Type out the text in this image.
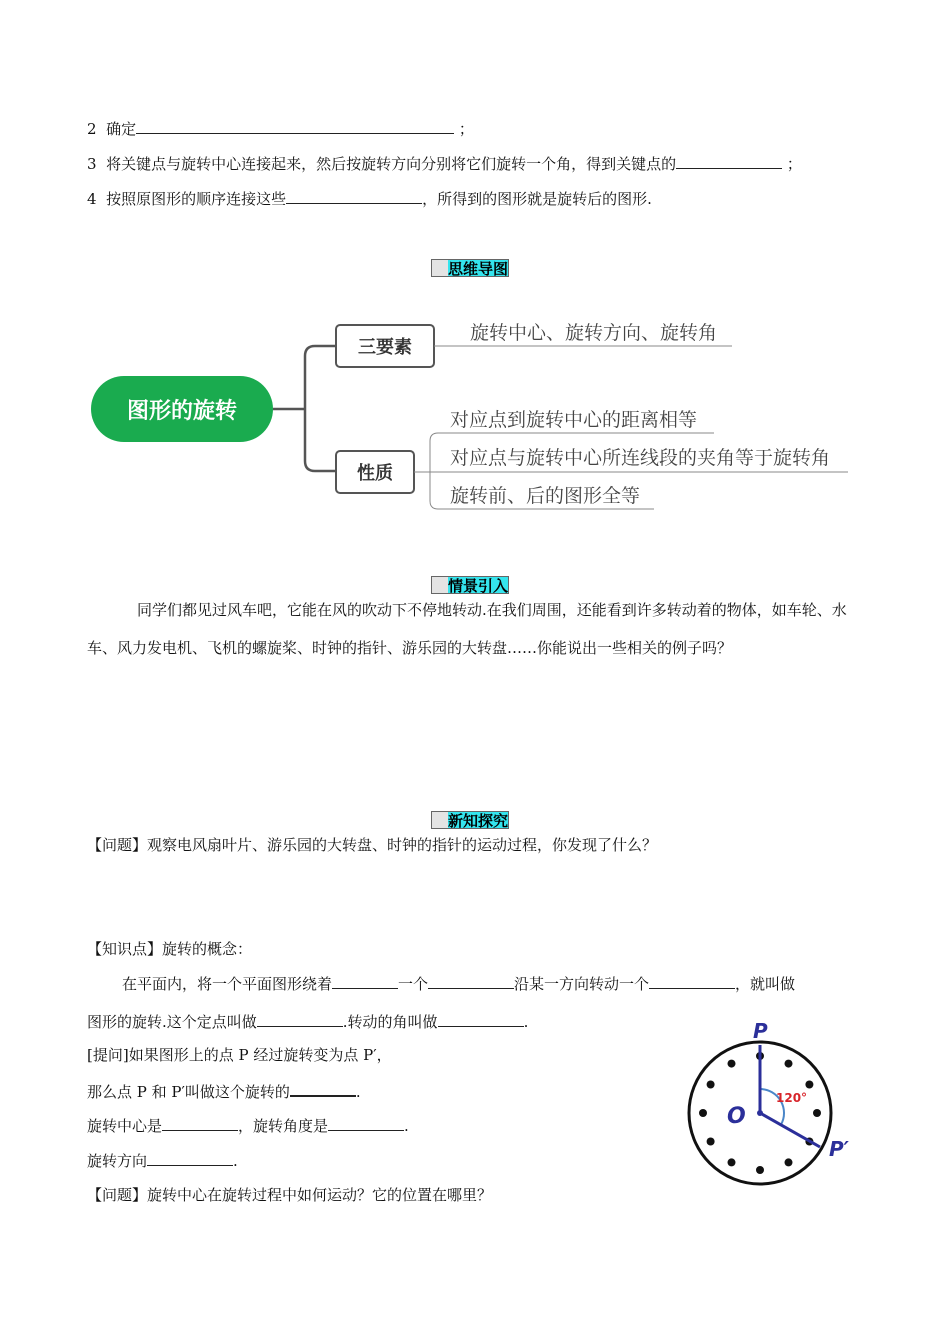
2 确定	；
3 将关键点与旋转中心连接起来，然后按旋转方向分别将它们旋转一个角，得到关键点的	；
4 按照原图形的顺序连接这些	，所得到的图形就是旋转后的图形.
思维导图
图形的旋转
三要素
性质
旋转中心、旋转方向、旋转角
对应点到旋转中心的距离相等
对应点与旋转中心所连线段的夹角等于旋转角
旋转前、后的图形全等
情景引入
同学们都见过风车吧，它能在风的吹动下不停地转动.在我们周围，还能看到许多转动着的物体，如车轮、水车、风力发电机、飞机的螺旋桨、时钟的指针、游乐园的大转盘……你能说出一些相关的例子吗？
新知探究
【问题】观察电风扇叶片、游乐园的大转盘、时钟的指针的运动过程，你发现了什么？
【知识点】旋转的概念：
在平面内，将一个平面图形绕着	一个	沿某一方向转动一个	，就叫做
图形的旋转.这个定点叫做	.转动的角叫做	.
[提问]如果图形上的点 P 经过旋转变为点 P′，
那么点 P 和 P′叫做这个旋转的	.
旋转中心是	，旋转角度是	.
旋转方向	.
【问题】旋转中心在旋转过程中如何运动？它的位置在哪里？
P
P′
O
120°
